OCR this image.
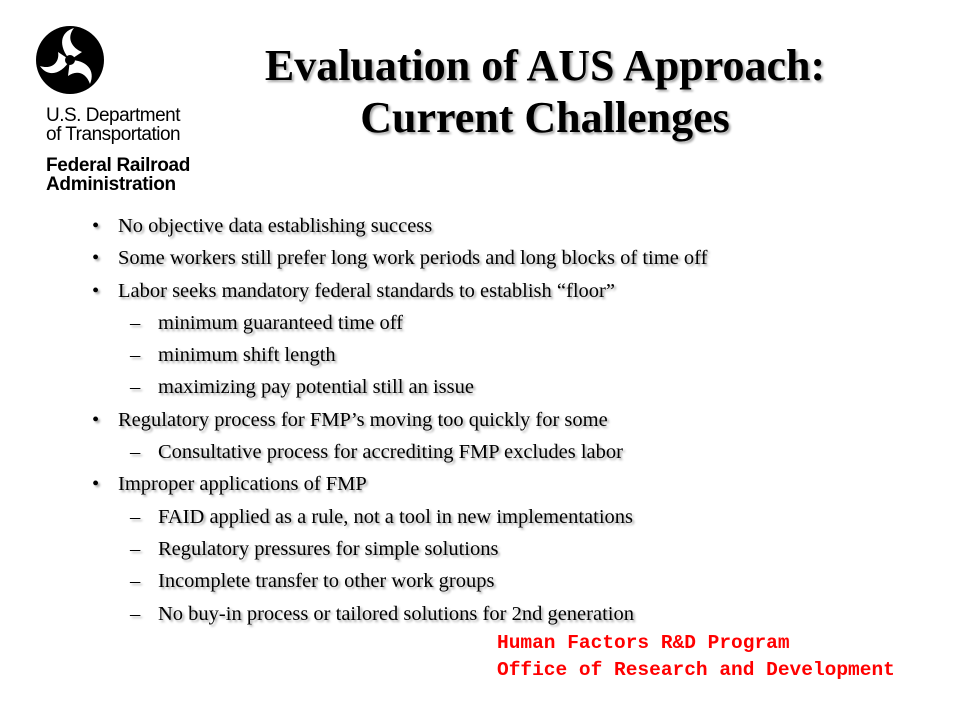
U.S. Department
of Transportation
Federal Railroad
Administration
Evaluation of AUS Approach:
Current Challenges
• No objective data establishing success
• Some workers still prefer long work periods and long blocks of time off
• Labor seeks mandatory federal standards to establish “floor”
– minimum guaranteed time off
– minimum shift length
– maximizing pay potential still an issue
• Regulatory process for FMP’s moving too quickly for some
– Consultative process for accrediting FMP excludes labor
• Improper applications of FMP
– FAID applied as a rule, not a tool in new implementations
– Regulatory pressures for simple solutions
– Incomplete transfer to other work groups
– No buy-in process or tailored solutions for 2nd generation
Human Factors R&D Program
Office of Research and Development
